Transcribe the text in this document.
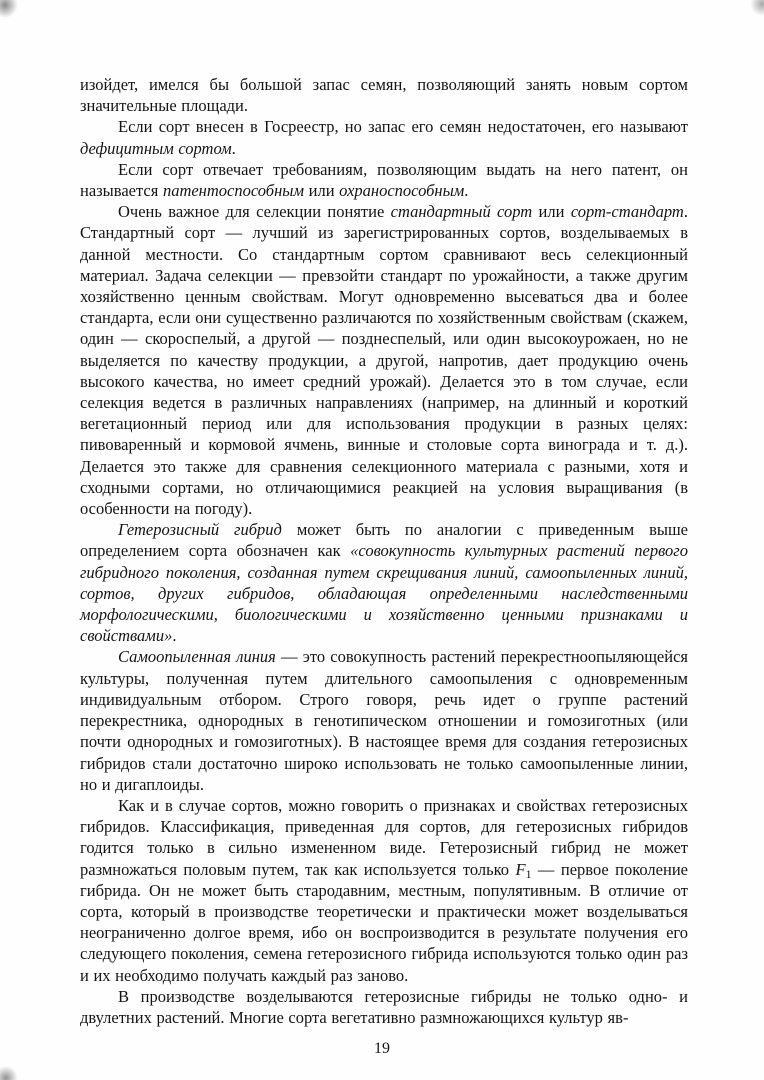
изойдет, имелся бы большой запас семян, позволяющий занять новым сортом значительные площади.

Если сорт внесен в Госреестр, но запас его семян недостаточен, его называют дефицитным сортом.

Если сорт отвечает требованиям, позволяющим выдать на него патент, он называется патентоспособным или охраноспособным.

Очень важное для селекции понятие стандартный сорт или сорт-стандарт. Стандартный сорт — лучший из зарегистрированных сортов, возделываемых в данной местности. Со стандартным сортом сравнивают весь селекционный материал. Задача селекции — превзойти стандарт по урожайности, а также другим хозяйственно ценным свойствам. Могут одновременно высеваться два и более стандарта, если они существенно различаются по хозяйственным свойствам (скажем, один — скороспелый, а другой — позднеспелый, или один высокоурожаен, но не выделяется по качеству продукции, а другой, напротив, дает продукцию очень высокого качества, но имеет средний урожай). Делается это в том случае, если селекция ведется в различных направлениях (например, на длинный и короткий вегетационный период или для использования продукции в разных целях: пивоваренный и кормовой ячмень, винные и столовые сорта винограда и т. д.). Делается это также для сравнения селекционного материала с разными, хотя и сходными сортами, но отличающимися реакцией на условия выращивания (в особенности на погоду).

Гетерозисный гибрид может быть по аналогии с приведенным выше определением сорта обозначен как «совокупность культурных растений первого гибридного поколения, созданная путем скрещивания линий, самоопыленных линий, сортов, других гибридов, обладающая определенными наследственными морфологическими, биологическими и хозяйственно ценными признаками и свойствами».

Самоопыленная линия — это совокупность растений перекрестноопыляющейся культуры, полученная путем длительного самоопыления с одновременным индивидуальным отбором. Строго говоря, речь идет о группе растений перекрестника, однородных в генотипическом отношении и гомозиготных (или почти однородных и гомозиготных). В настоящее время для создания гетерозисных гибридов стали достаточно широко использовать не только самоопыленные линии, но и дигаплоиды.

Как и в случае сортов, можно говорить о признаках и свойствах гетерозисных гибридов. Классификация, приведенная для сортов, для гетерозисных гибридов годится только в сильно измененном виде. Гетерозисный гибрид не может размножаться половым путем, так как используется только $F_1$ — первое поколение гибрида. Он не может быть стародавним, местным, популятивным. В отличие от сорта, который в производстве теоретически и практически может возделываться неограниченно долгое время, ибо он воспроизводится в результате получения его следующего поколения, семена гетерозисного гибрида используются только один раз и их необходимо получать каждый раз заново.

В производстве возделываются гетерозисные гибриды не только одно- и двулетних растений. Многие сорта вегетативно размножающихся культур яв-

19
